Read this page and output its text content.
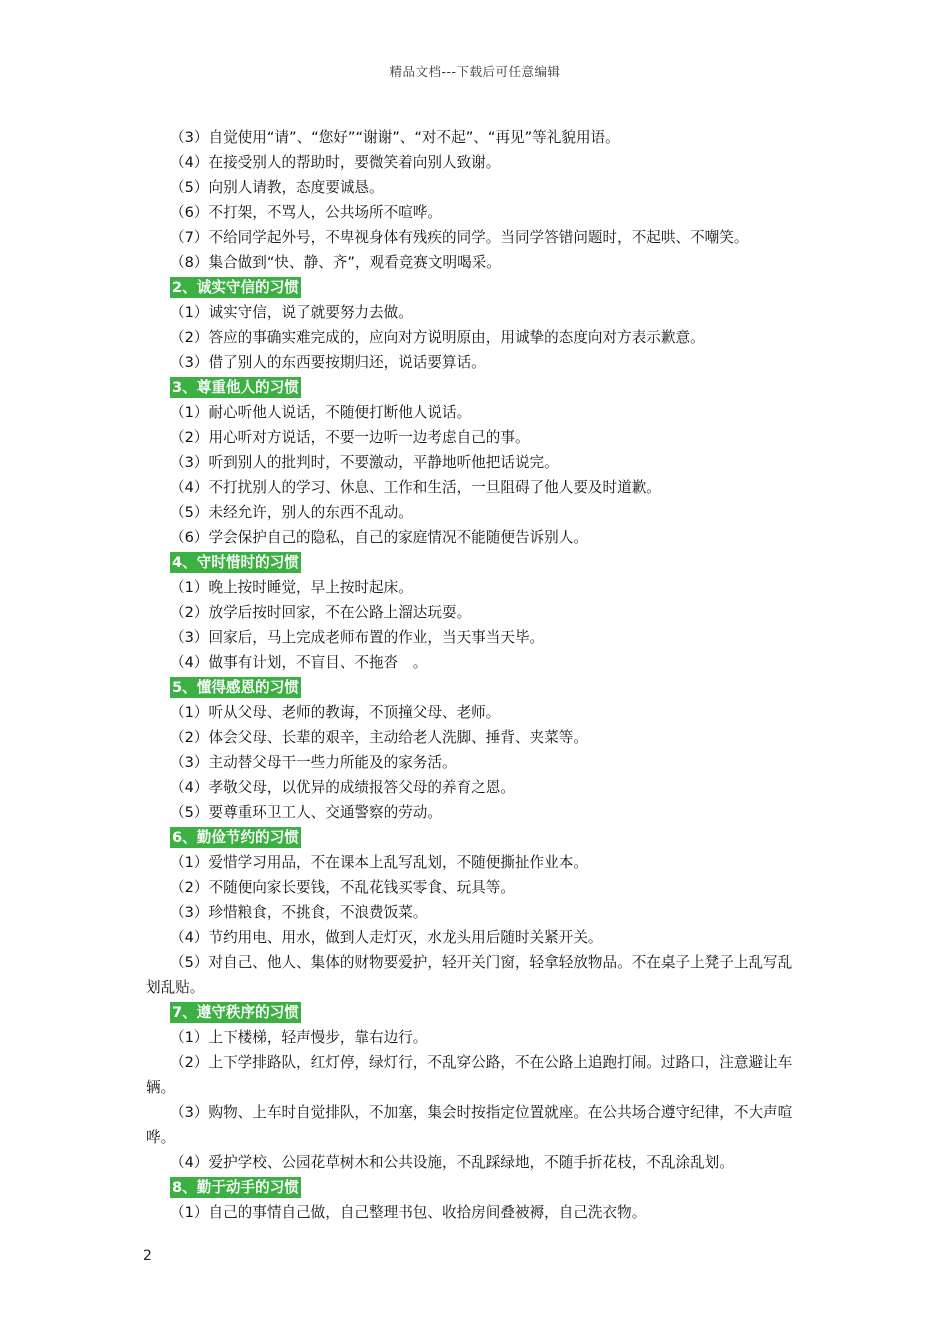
精品文档---下载后可任意编辑

（3）自觉使用“请”、“您好”“谢谢”、“对不起”、“再见”等礼貌用语。

（4）在接受别人的帮助时，要微笑着向别人致谢。

（5）向别人请教，态度要诚恳。

（6）不打架，不骂人，公共场所不喧哗。

（7）不给同学起外号，不卑视身体有残疾的同学。当同学答错问题时，不起哄、不嘲笑。

（8）集合做到“快、静、齐”，观看竞赛文明喝采。

2、诚实守信的习惯

（1）诚实守信，说了就要努力去做。

（2）答应的事确实难完成的，应向对方说明原由，用诚挚的态度向对方表示歉意。

（3）借了别人的东西要按期归还，说话要算话。

3、尊重他人的习惯

（1）耐心听他人说话，不随便打断他人说话。

（2）用心听对方说话，不要一边听一边考虑自己的事。

（3）听到别人的批判时，不要激动，平静地听他把话说完。

（4）不打扰别人的学习、休息、工作和生活，一旦阻碍了他人要及时道歉。

（5）未经允许，别人的东西不乱动。

（6）学会保护自己的隐私，自己的家庭情况不能随便告诉别人。

4、守时惜时的习惯

（1）晚上按时睡觉，早上按时起床。

（2）放学后按时回家，不在公路上溜达玩耍。

（3）回家后，马上完成老师布置的作业，当天事当天毕。

（4）做事有计划，不盲目、不拖沓　。

5、懂得感恩的习惯

（1）听从父母、老师的教诲，不顶撞父母、老师。

（2）体会父母、长辈的艰辛，主动给老人洗脚、捶背、夹菜等。

（3）主动替父母干一些力所能及的家务活。

（4）孝敬父母，以优异的成绩报答父母的养育之恩。

（5）要尊重环卫工人、交通警察的劳动。

6、勤俭节约的习惯

（1）爱惜学习用品，不在课本上乱写乱划，不随便撕扯作业本。

（2）不随便向家长要钱，不乱花钱买零食、玩具等。

（3）珍惜粮食，不挑食，不浪费饭菜。

（4）节约用电、用水，做到人走灯灭，水龙头用后随时关紧开关。

（5）对自己、他人、集体的财物要爱护，轻开关门窗，轻拿轻放物品。不在桌子上凳子上乱写乱划乱贴。

7、遵守秩序的习惯

（1）上下楼梯，轻声慢步，靠右边行。

（2）上下学排路队，红灯停，绿灯行，不乱穿公路，不在公路上追跑打闹。过路口，注意避让车辆。

（3）购物、上车时自觉排队，不加塞，集会时按指定位置就座。在公共场合遵守纪律，不大声喧哗。

（4）爱护学校、公园花草树木和公共设施，不乱踩绿地，不随手折花枝，不乱涂乱划。

8、勤于动手的习惯

（1）自己的事情自己做，自己整理书包、收拾房间叠被褥，自己洗衣物。

2
